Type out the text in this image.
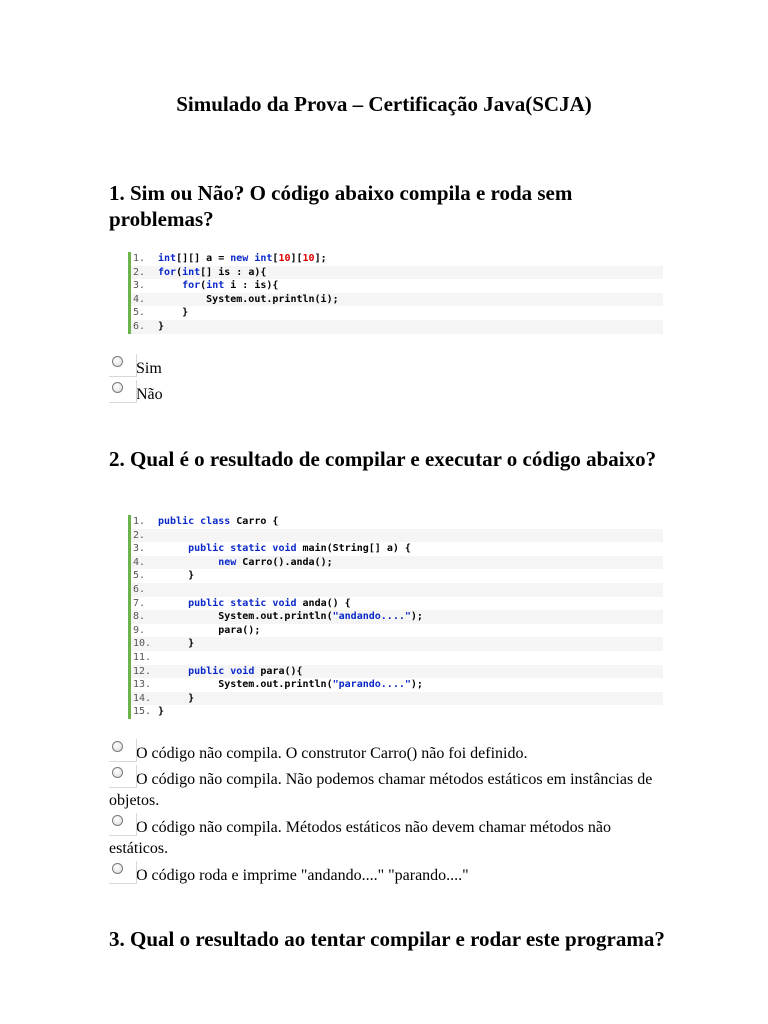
Simulado da Prova – Certificação Java(SCJA)
1. Sim ou Não? O código abaixo compila e roda sem problemas?
1.	int[][] a = new int[10][10];
2.	for(int[] is : a){
3.	for(int i : is){
4.	System.out.println(i);
5.	}
6.	}
Sim
Não
2. Qual é o resultado de compilar e executar o código abaixo?
1.	public class Carro {
2.
3.	public static void main(String[] a) {
4.	new Carro().anda();
5.	}
6.
7.	public static void anda() {
8.	System.out.println("andando....");
9.	para();
10. }
11.
12.	public void para(){
13. System.out.println("parando....");
14. }
15. }
O código não compila. O construtor Carro() não foi definido.
O código não compila. Não podemos chamar métodos estáticos em instâncias de objetos.
O código não compila. Métodos estáticos não devem chamar métodos não estáticos.
O código roda e imprime "andando...." "parando...."
3. Qual o resultado ao tentar compilar e rodar este programa?
